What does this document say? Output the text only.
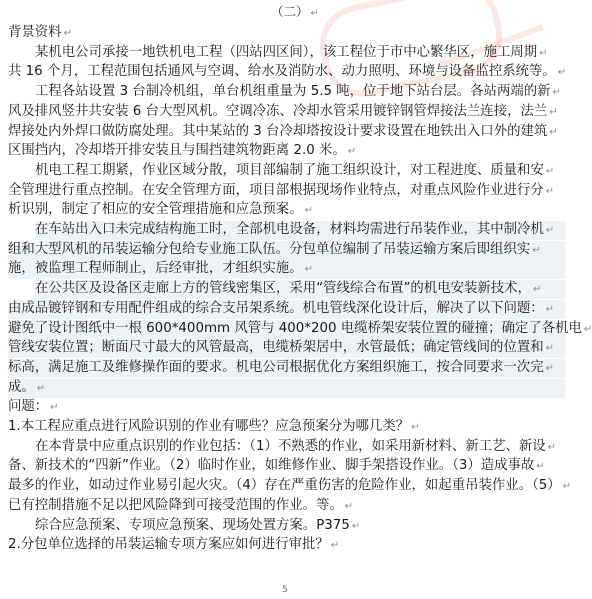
（二） ↵
背景资料 ↵
某机电公司承接一地铁机电工程（四站四区间），该工程位于市中心繁华区，施工周期 ↵
共 16 个月，工程范围包括通风与空调、给水及消防水、动力照明、环境与设备监控系统等。 ↵
工程各站设置 3 台制冷机组，单台机组重量为 5.5 吨，位于地下站台层。各站两端的新 ↵
风及排风竖井共安装 6 台大型风机。空调冷冻、冷却水管采用镀锌钢管焊接法兰连接，法兰 ↵
焊接处内外焊口做防腐处理。其中某站的 3 台冷却塔按设计要求设置在地铁出入口外的建筑 ↵
区围挡内，冷却塔开排安装且与围挡建筑物距离 2.0 米。 ↵
机电工程工期紧，作业区域分散，项目部编制了施工组织设计，对工程进度、质量和安 ↵
全管理进行重点控制。在安全管理方面，项目部根据现场作业特点，对重点风险作业进行分 ↵
析识别，制定了相应的安全管理措施和应急预案。 ↵
在车站出入口未完成结构施工时，全部机电设备，材料均需进行吊装作业，其中制冷机 ↵
组和大型风机的吊装运输分包给专业施工队伍。分包单位编制了吊装运输方案后即组织实 ↵
施，被监理工程师制止，后经审批，才组织实施。 ↵
在公共区及设备区走廊上方的管线密集区，采用“管线综合布置”的机电安装新技术， ↵
由成品镀锌钢和专用配件组成的综合支吊架系统。机电管线深化设计后，解决了以下问题： ↵
避免了设计图纸中一根 600*400mm 风管与 400*200 电缆桥架安装位置的碰撞；确定了各机电 ↵
管线安装位置；断面尺寸最大的风管最高，电缆桥架居中，水管最低；确定管线间的位置和 ↵
标高，满足施工及维修操作面的要求。机电公司根据优化方案组织施工，按合同要求一次完 ↵
成。 ↵
问题： ↵
1.本工程应重点进行风险识别的作业有哪些？应急预案分为哪几类？ ↵
在本背景中应重点识别的作业包括：（1）不熟悉的作业，如采用新材料、新工艺、新设 ↵
备、新技术的“四新”作业。（2）临时作业，如维修作业、脚手架搭设作业。（3）造成事故 ↵
最多的作业，如动过作业易引起火灾。（4）存在严重伤害的危险作业，如起重吊装作业。（5） ↵
已有控制措施不足以把风险降到可接受范围的作业。等。 ↵
综合应急预案、专项应急预案、现场处置方案。P375 ↵
2.分包单位选择的吊装运输专项方案应如何进行审批？ ↵
5
